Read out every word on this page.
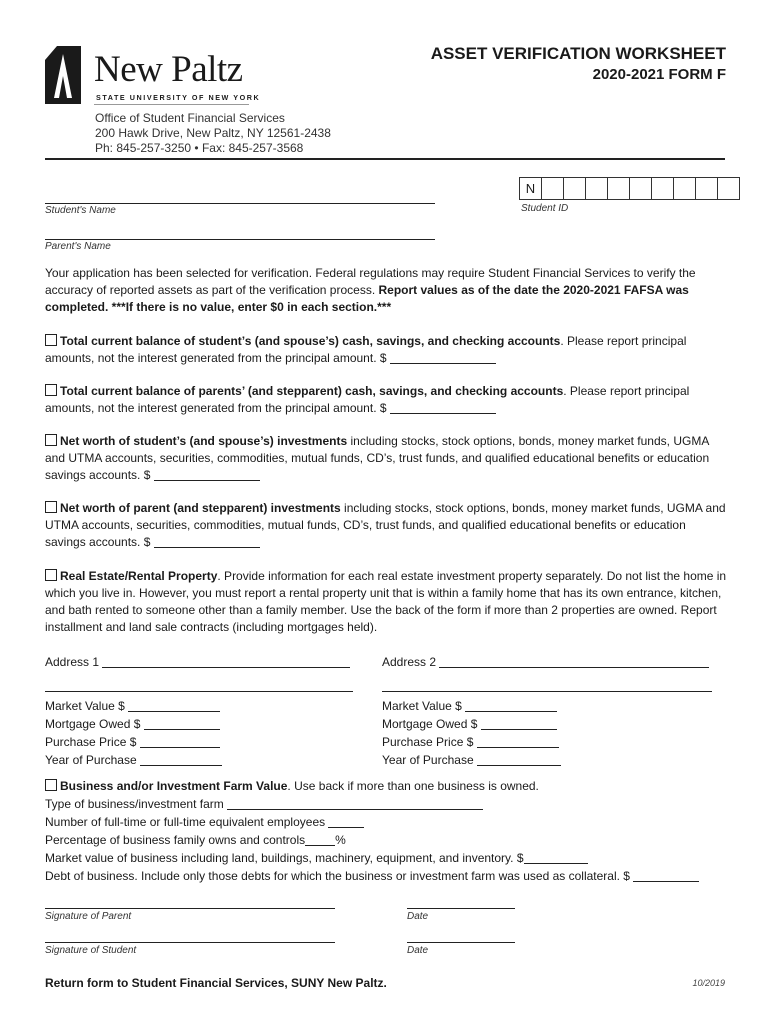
New Paltz
STATE UNIVERSITY OF NEW YORK
ASSET VERIFICATION WORKSHEET
2020-2021 FORM F
Office of Student Financial Services
200 Hawk Drive, New Paltz, NY 12561-2438
Ph: 845-257-3250 • Fax: 845-257-3568
Student's Name
N
Student ID
Parent's Name
Your application has been selected for verification. Federal regulations may require Student Financial Services to verify the accuracy of reported assets as part of the verification process. Report values as of the date the 2020-2021 FAFSA was completed. ***If there is no value, enter $0 in each section.***
Total current balance of student’s (and spouse’s) cash, savings, and checking accounts. Please report principal amounts, not the interest generated from the principal amount. $
Total current balance of parents’ (and stepparent) cash, savings, and checking accounts. Please report principal amounts, not the interest generated from the principal amount. $
Net worth of student’s (and spouse’s) investments including stocks, stock options, bonds, money market funds, UGMA and UTMA accounts, securities, commodities, mutual funds, CD’s, trust funds, and qualified educational benefits or education savings accounts. $
Net worth of parent (and stepparent) investments including stocks, stock options, bonds, money market funds, UGMA and UTMA accounts, securities, commodities, mutual funds, CD’s, trust funds, and qualified educational benefits or education savings accounts. $
Real Estate/Rental Property. Provide information for each real estate investment property separately. Do not list the home in which you live in. However, you must report a rental property unit that is within a family home that has its own entrance, kitchen, and bath rented to someone other than a family member. Use the back of the form if more than 2 properties are owned. Report installment and land sale contracts (including mortgages held).
Address 1
Market Value $
Mortgage Owed $
Purchase Price $
Year of Purchase
Address 2
Market Value $
Mortgage Owed $
Purchase Price $
Year of Purchase
Business and/or Investment Farm Value. Use back if more than one business is owned.
Type of business/investment farm
Number of full-time or full-time equivalent employees
Percentage of business family owns and controls	%
Market value of business including land, buildings, machinery, equipment, and inventory. $
Debt of business. Include only those debts for which the business or investment farm was used as collateral. $
Signature of Parent	Date
Signature of Student	Date
Return form to Student Financial Services, SUNY New Paltz.	10/2019
